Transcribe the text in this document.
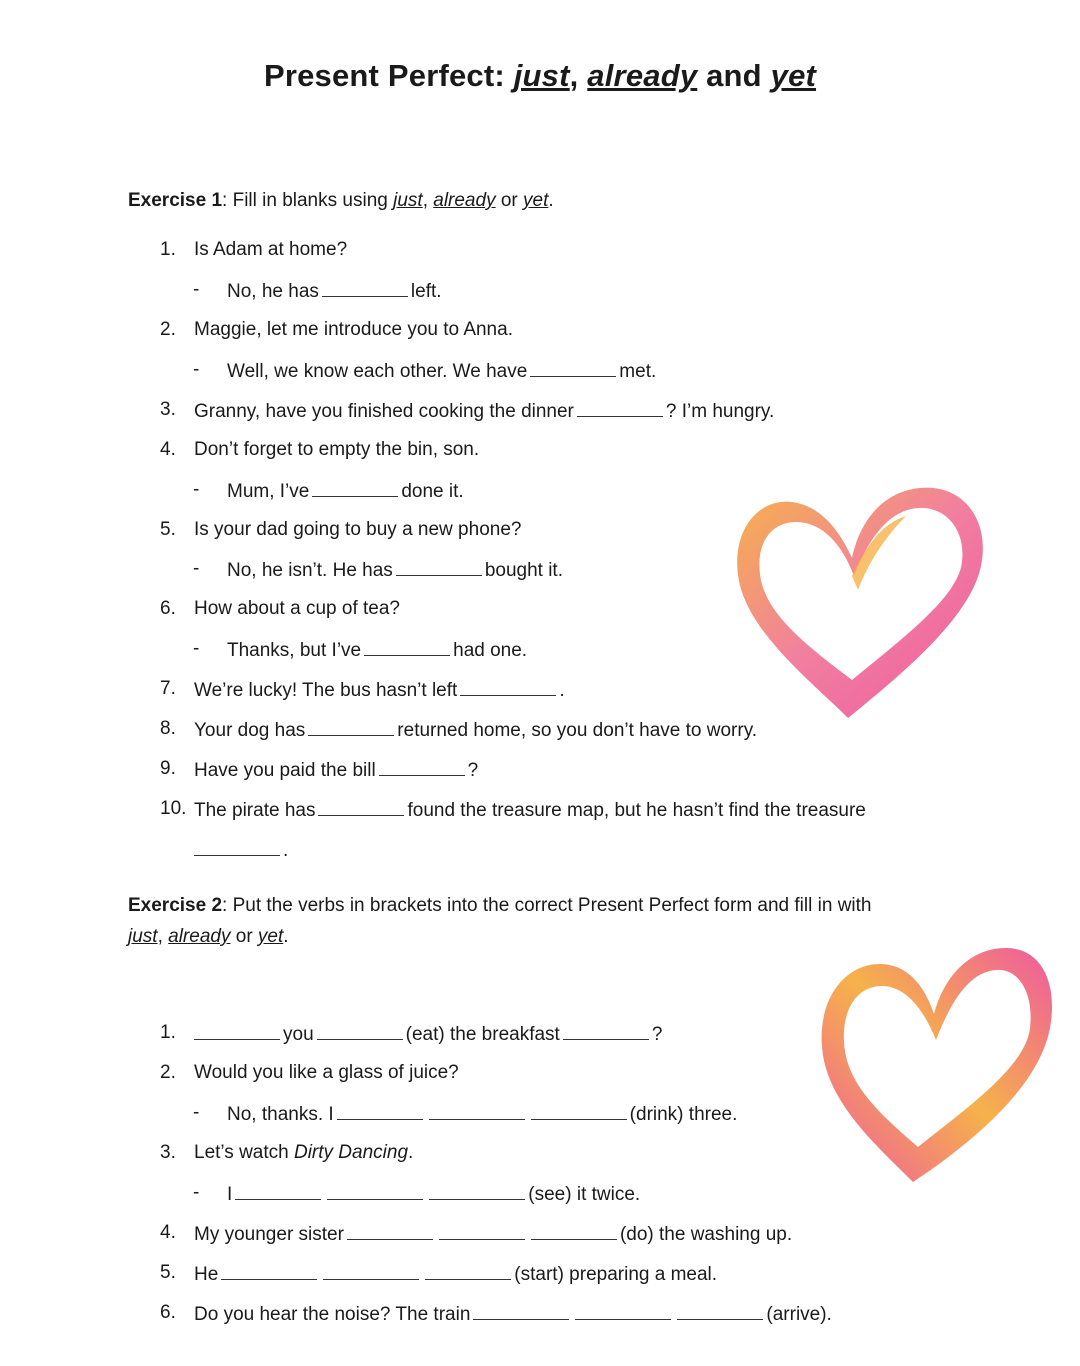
Present Perfect: just, already and yet
Exercise 1: Fill in blanks using just, already or yet.
1. Is Adam at home?
- No, he has	left.
2. Maggie, let me introduce you to Anna.
- Well, we know each other. We have	met.
3. Granny, have you finished cooking the dinner	? I’m hungry.
4. Don’t forget to empty the bin, son.
- Mum, I’ve	done it.
5. Is your dad going to buy a new phone?
- No, he isn’t. He has	bought it.
6. How about a cup of tea?
- Thanks, but I’ve	had one.
7. We’re lucky! The bus hasn’t left	.
8. Your dog has	returned home, so you don’t have to worry.
9. Have you paid the bill	?
10. The pirate has	found the treasure map, but he hasn’t find the treasure
.
Exercise 2: Put the verbs in brackets into the correct Present Perfect form and fill in with
just, already or yet.
1.	you	(eat) the breakfast	?
2. Would you like a glass of juice?
- No, thanks. I	(drink) three.
3. Let’s watch Dirty Dancing.
- I	(see) it twice.
4. My younger sister	(do) the washing up.
5. He	(start) preparing a meal.
6. Do you hear the noise? The train	(arrive).
